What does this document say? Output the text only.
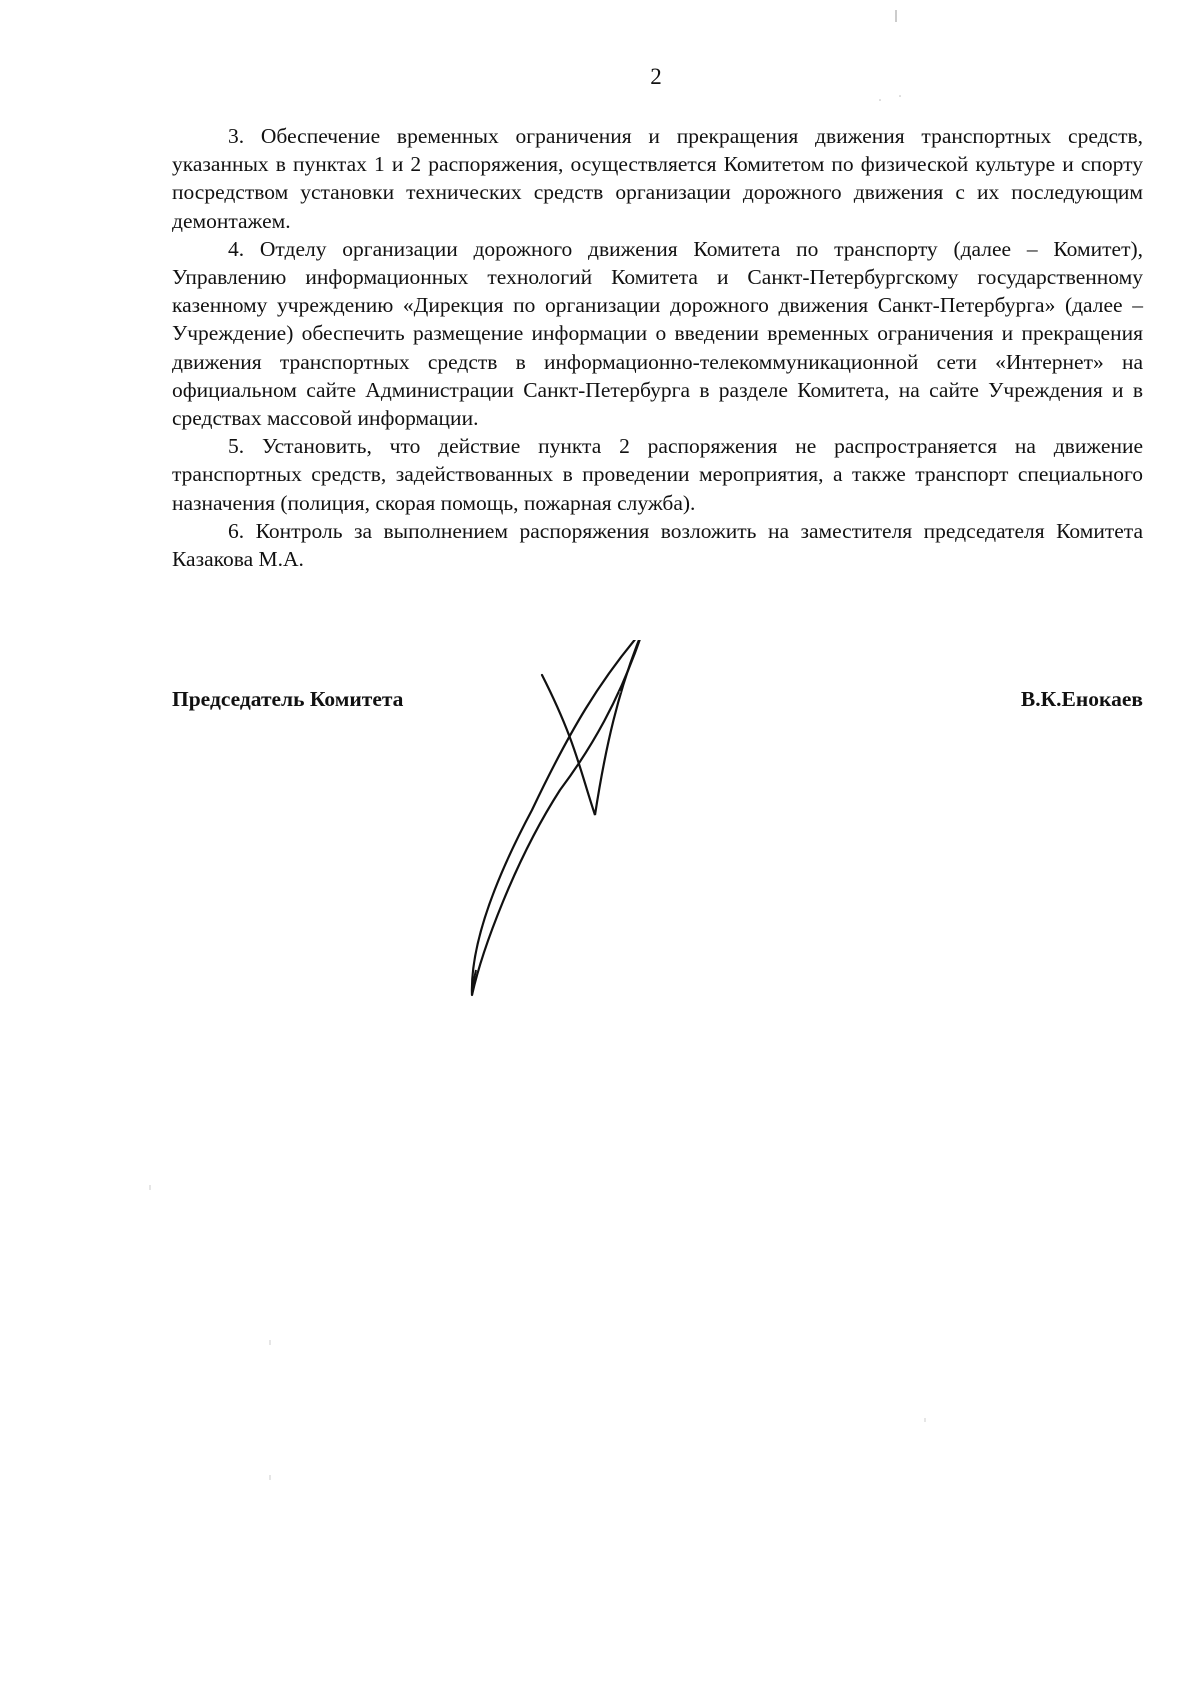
2

3. Обеспечение временных ограничения и прекращения движения транспортных средств, указанных в пунктах 1 и 2 распоряжения, осуществляется Комитетом по физической культуре и спорту посредством установки технических средств организации дорожного движения с их последующим демонтажем.

4. Отделу организации дорожного движения Комитета по транспорту (далее – Комитет), Управлению информационных технологий Комитета и Санкт-Петербургскому государственному казенному учреждению «Дирекция по организации дорожного движения Санкт-Петербурга» (далее – Учреждение) обеспечить размещение информации о введении временных ограничения и прекращения движения транспортных средств в информационно-телекоммуникационной сети «Интернет» на официальном сайте Администрации Санкт-Петербурга в разделе Комитета, на сайте Учреждения и в средствах массовой информации.

5. Установить, что действие пункта 2 распоряжения не распространяется на движение транспортных средств, задействованных в проведении мероприятия, а также транспорт специального назначения (полиция, скорая помощь, пожарная служба).

6. Контроль за выполнением распоряжения возложить на заместителя председателя Комитета Казакова М.А.

Председатель Комитета	В.К.Енокаев
